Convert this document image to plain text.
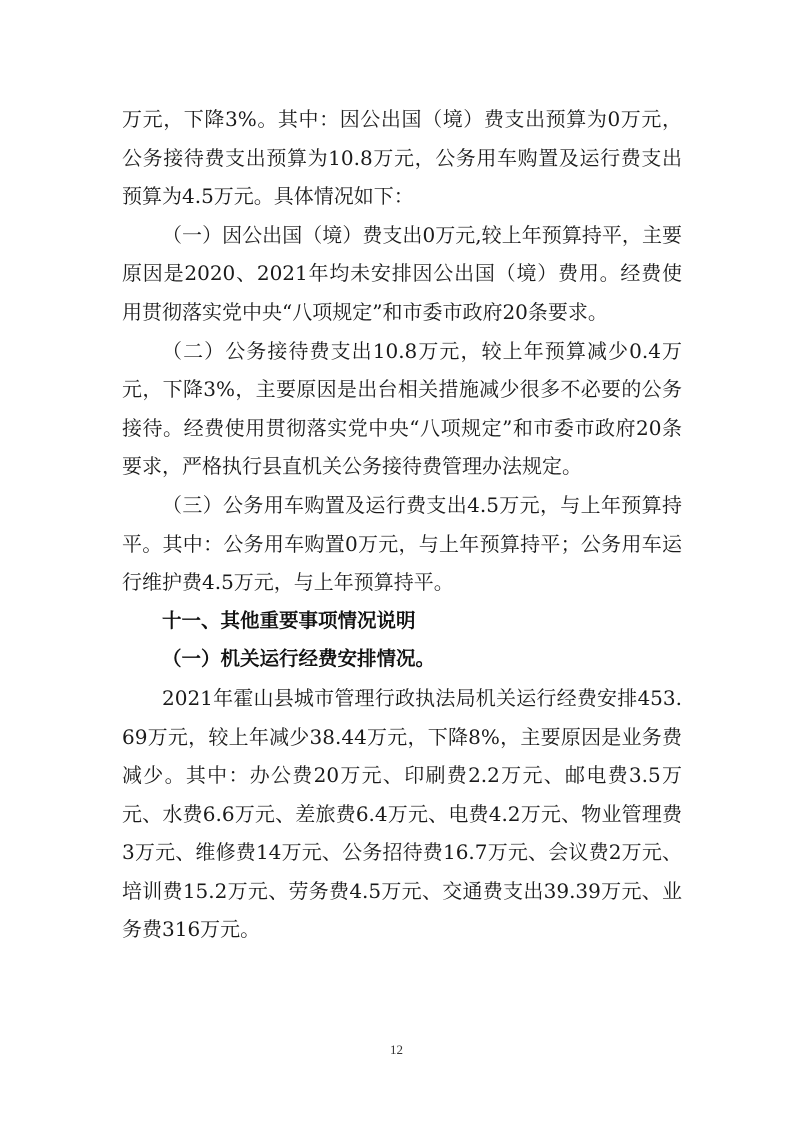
万元，下降3%。其中：因公出国（境）费支出预算为0万元，公务接待费支出预算为10.8万元，公务用车购置及运行费支出预算为4.5万元。具体情况如下：

（一）因公出国（境）费支出0万元,较上年预算持平，主要原因是2020、2021年均未安排因公出国（境）费用。经费使用贯彻落实党中央“八项规定”和市委市政府20条要求。

（二）公务接待费支出10.8万元，较上年预算减少0.4万元，下降3%，主要原因是出台相关措施减少很多不必要的公务接待。经费使用贯彻落实党中央“八项规定”和市委市政府20条要求，严格执行县直机关公务接待费管理办法规定。

（三）公务用车购置及运行费支出4.5万元，与上年预算持平。其中：公务用车购置0万元，与上年预算持平；公务用车运行维护费4.5万元，与上年预算持平。

十一、其他重要事项情况说明

（一）机关运行经费安排情况。

2021年霍山县城市管理行政执法局机关运行经费安排453.69万元，较上年减少38.44万元，下降8%，主要原因是业务费减少。其中：办公费20万元、印刷费2.2万元、邮电费3.5万元、水费6.6万元、差旅费6.4万元、电费4.2万元、物业管理费3万元、维修费14万元、公务招待费16.7万元、会议费2万元、培训费15.2万元、劳务费4.5万元、交通费支出39.39万元、业务费316万元。

12
